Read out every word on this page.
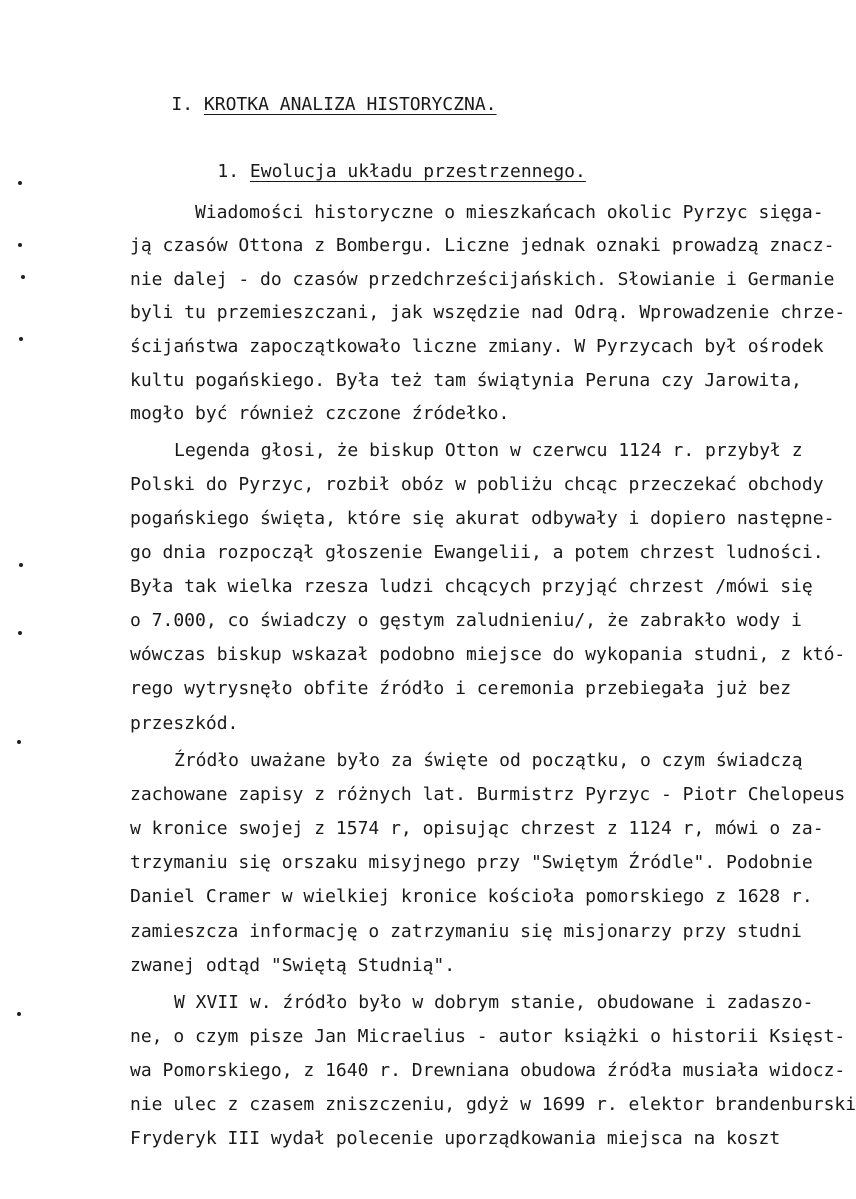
I. KROTKA ANALIZA HISTORYCZNA.

1. Ewolucja układu przestrzennego.

Wiadomości historyczne o mieszkańcach okolic Pyrzyc sięga-
ją czasów Ottona z Bombergu. Liczne jednak oznaki prowadzą znacz-
nie dalej - do czasów przedchrześcijańskich. Słowianie i Germanie
byli tu przemieszczani, jak wszędzie nad Odrą. Wprowadzenie chrze-
ścijaństwa zapoczątkowało liczne zmiany. W Pyrzycach był ośrodek
kultu pogańskiego. Była też tam świątynia Peruna czy Jarowita,
mogło być również czczone źródełko.
Legenda głosi, że biskup Otton w czerwcu 1124 r. przybył z
Polski do Pyrzyc, rozbił obóz w pobliżu chcąc przeczekać obchody
pogańskiego święta, które się akurat odbywały i dopiero następne-
go dnia rozpoczął głoszenie Ewangelii, a potem chrzest ludności.
Była tak wielka rzesza ludzi chcących przyjąć chrzest /mówi się
o 7.000, co świadczy o gęstym zaludnieniu/, że zabrakło wody i
wówczas biskup wskazał podobno miejsce do wykopania studni, z któ-
rego wytrysnęło obfite źródło i ceremonia przebiegała już bez
przeszkód.
Źródło uważane było za święte od początku, o czym świadczą
zachowane zapisy z różnych lat. Burmistrz Pyrzyc - Piotr Chelopeus
w kronice swojej z 1574 r, opisując chrzest z 1124 r, mówi o za-
trzymaniu się orszaku misyjnego przy "Swiętym Źródle". Podobnie
Daniel Cramer w wielkiej kronice kościoła pomorskiego z 1628 r.
zamieszcza informację o zatrzymaniu się misjonarzy przy studni
zwanej odtąd "Swiętą Studnią".
W XVII w. źródło było w dobrym stanie, obudowane i zadaszo-
ne, o czym pisze Jan Micraelius - autor książki o historii Księst-
wa Pomorskiego, z 1640 r. Drewniana obudowa źródła musiała widocz-
nie ulec z czasem zniszczeniu, gdyż w 1699 r. elektor brandenburski
Fryderyk III wydał polecenie uporządkowania miejsca na koszt
